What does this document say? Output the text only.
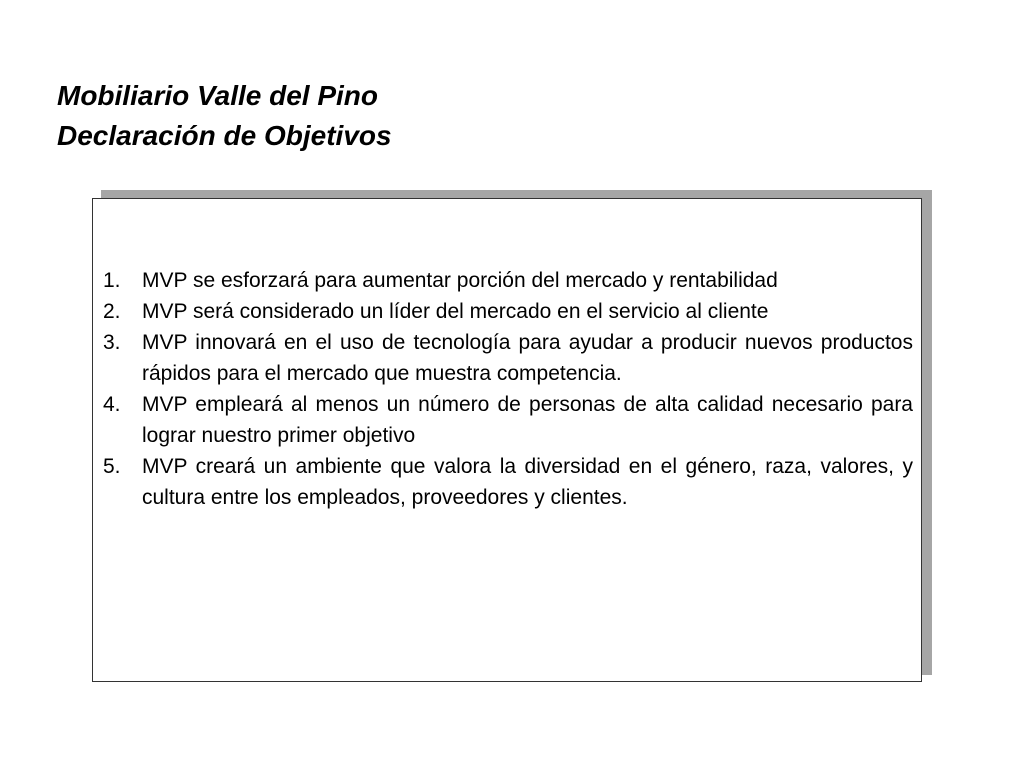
Mobiliario Valle del Pino
Declaración de Objetivos
1.	MVP se esforzará para aumentar porción del mercado y rentabilidad
2.	MVP será considerado un líder del mercado en el servicio al cliente
3.	MVP innovará en el uso de tecnología para ayudar a producir nuevos productos rápidos para el mercado que muestra competencia.
4.	MVP empleará al menos un número de personas de alta calidad necesario para lograr nuestro primer objetivo
5.	MVP creará un ambiente que valora la diversidad en el género, raza, valores, y cultura entre los empleados, proveedores y clientes.
